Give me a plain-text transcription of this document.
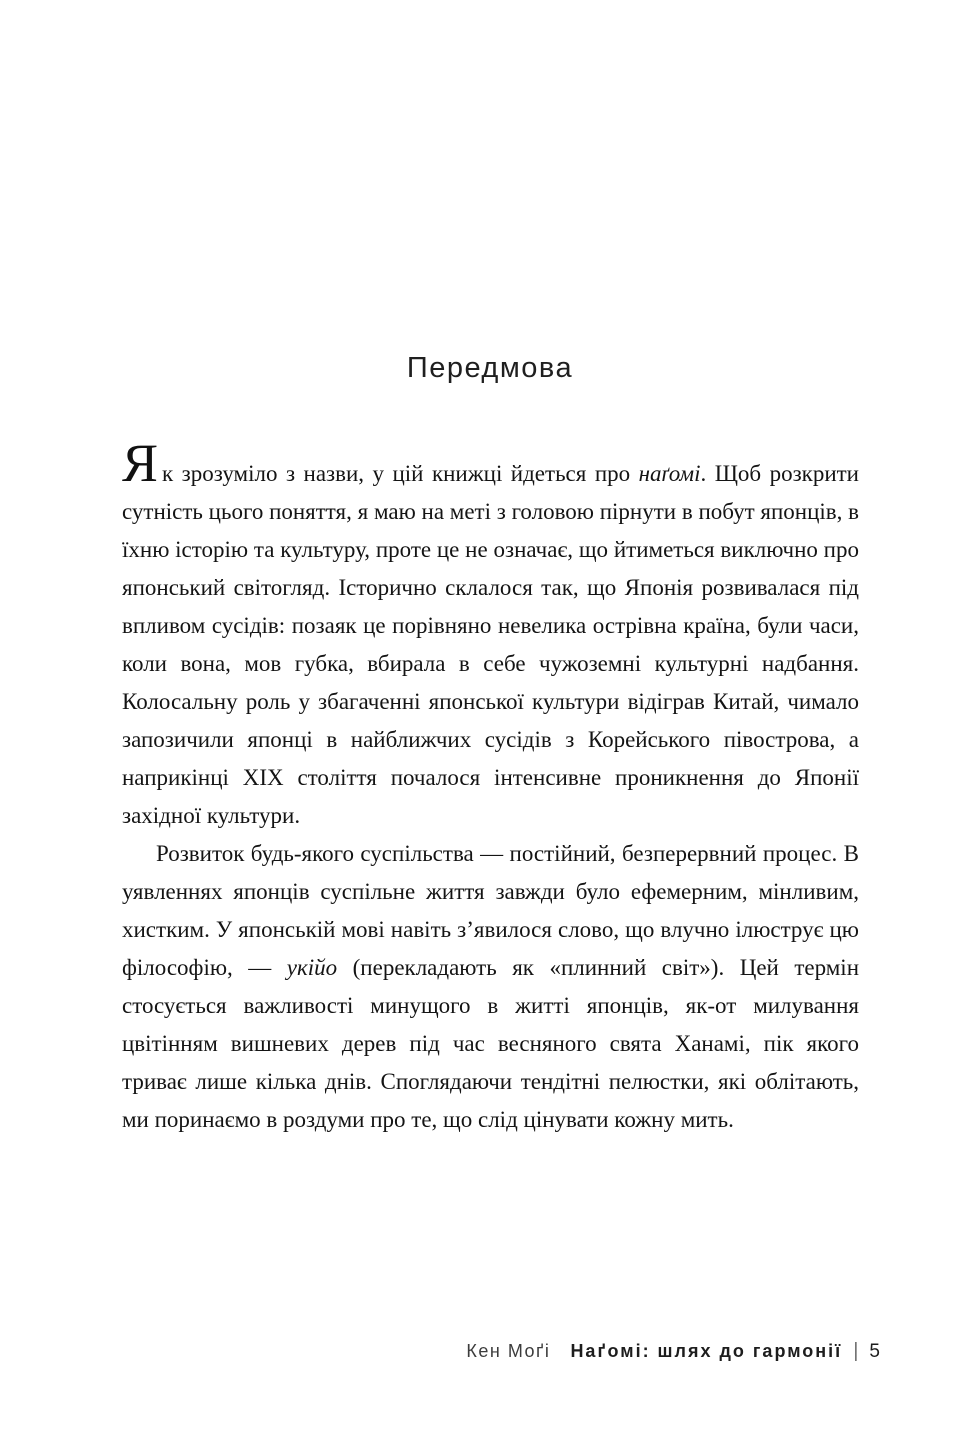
Передмова

Як зрозуміло з назви, у цій книжці йдеться про наґомі. Щоб розкрити сутність цього поняття, я маю на меті з головою пірнути в побут японців, в їхню історію та культуру, проте це не означає, що йтиметься виключно про японський світогляд. Історично склалося так, що Японія розвивалася під впливом сусідів: позаяк це порівняно невелика острівна країна, були часи, коли вона, мов губка, вбирала в себе чужоземні культурні надбання. Колосальну роль у збагаченні японської культури відіграв Китай, чимало запозичили японці в найближчих сусідів з Корейського півострова, а наприкінці XIX століття почалося інтенсивне проникнення до Японії західної культури.

Розвиток будь-якого суспільства — постійний, безперервний процес. В уявленнях японців суспільне життя завжди було ефемерним, мінливим, хистким. У японській мові навіть з’явилося слово, що влучно ілюструє цю філософію, — укійо (перекладають як «плинний світ»). Цей термін стосується важливості минущого в житті японців, як-от милування цвітінням вишневих дерев під час весняного свята Ханамі, пік якого триває лише кілька днів. Споглядаючи тендітні пелюстки, які облітають, ми поринаємо в роздуми про те, що слід цінувати кожну мить.

Кен Моґі Наґомі: шлях до гармонії | 5
